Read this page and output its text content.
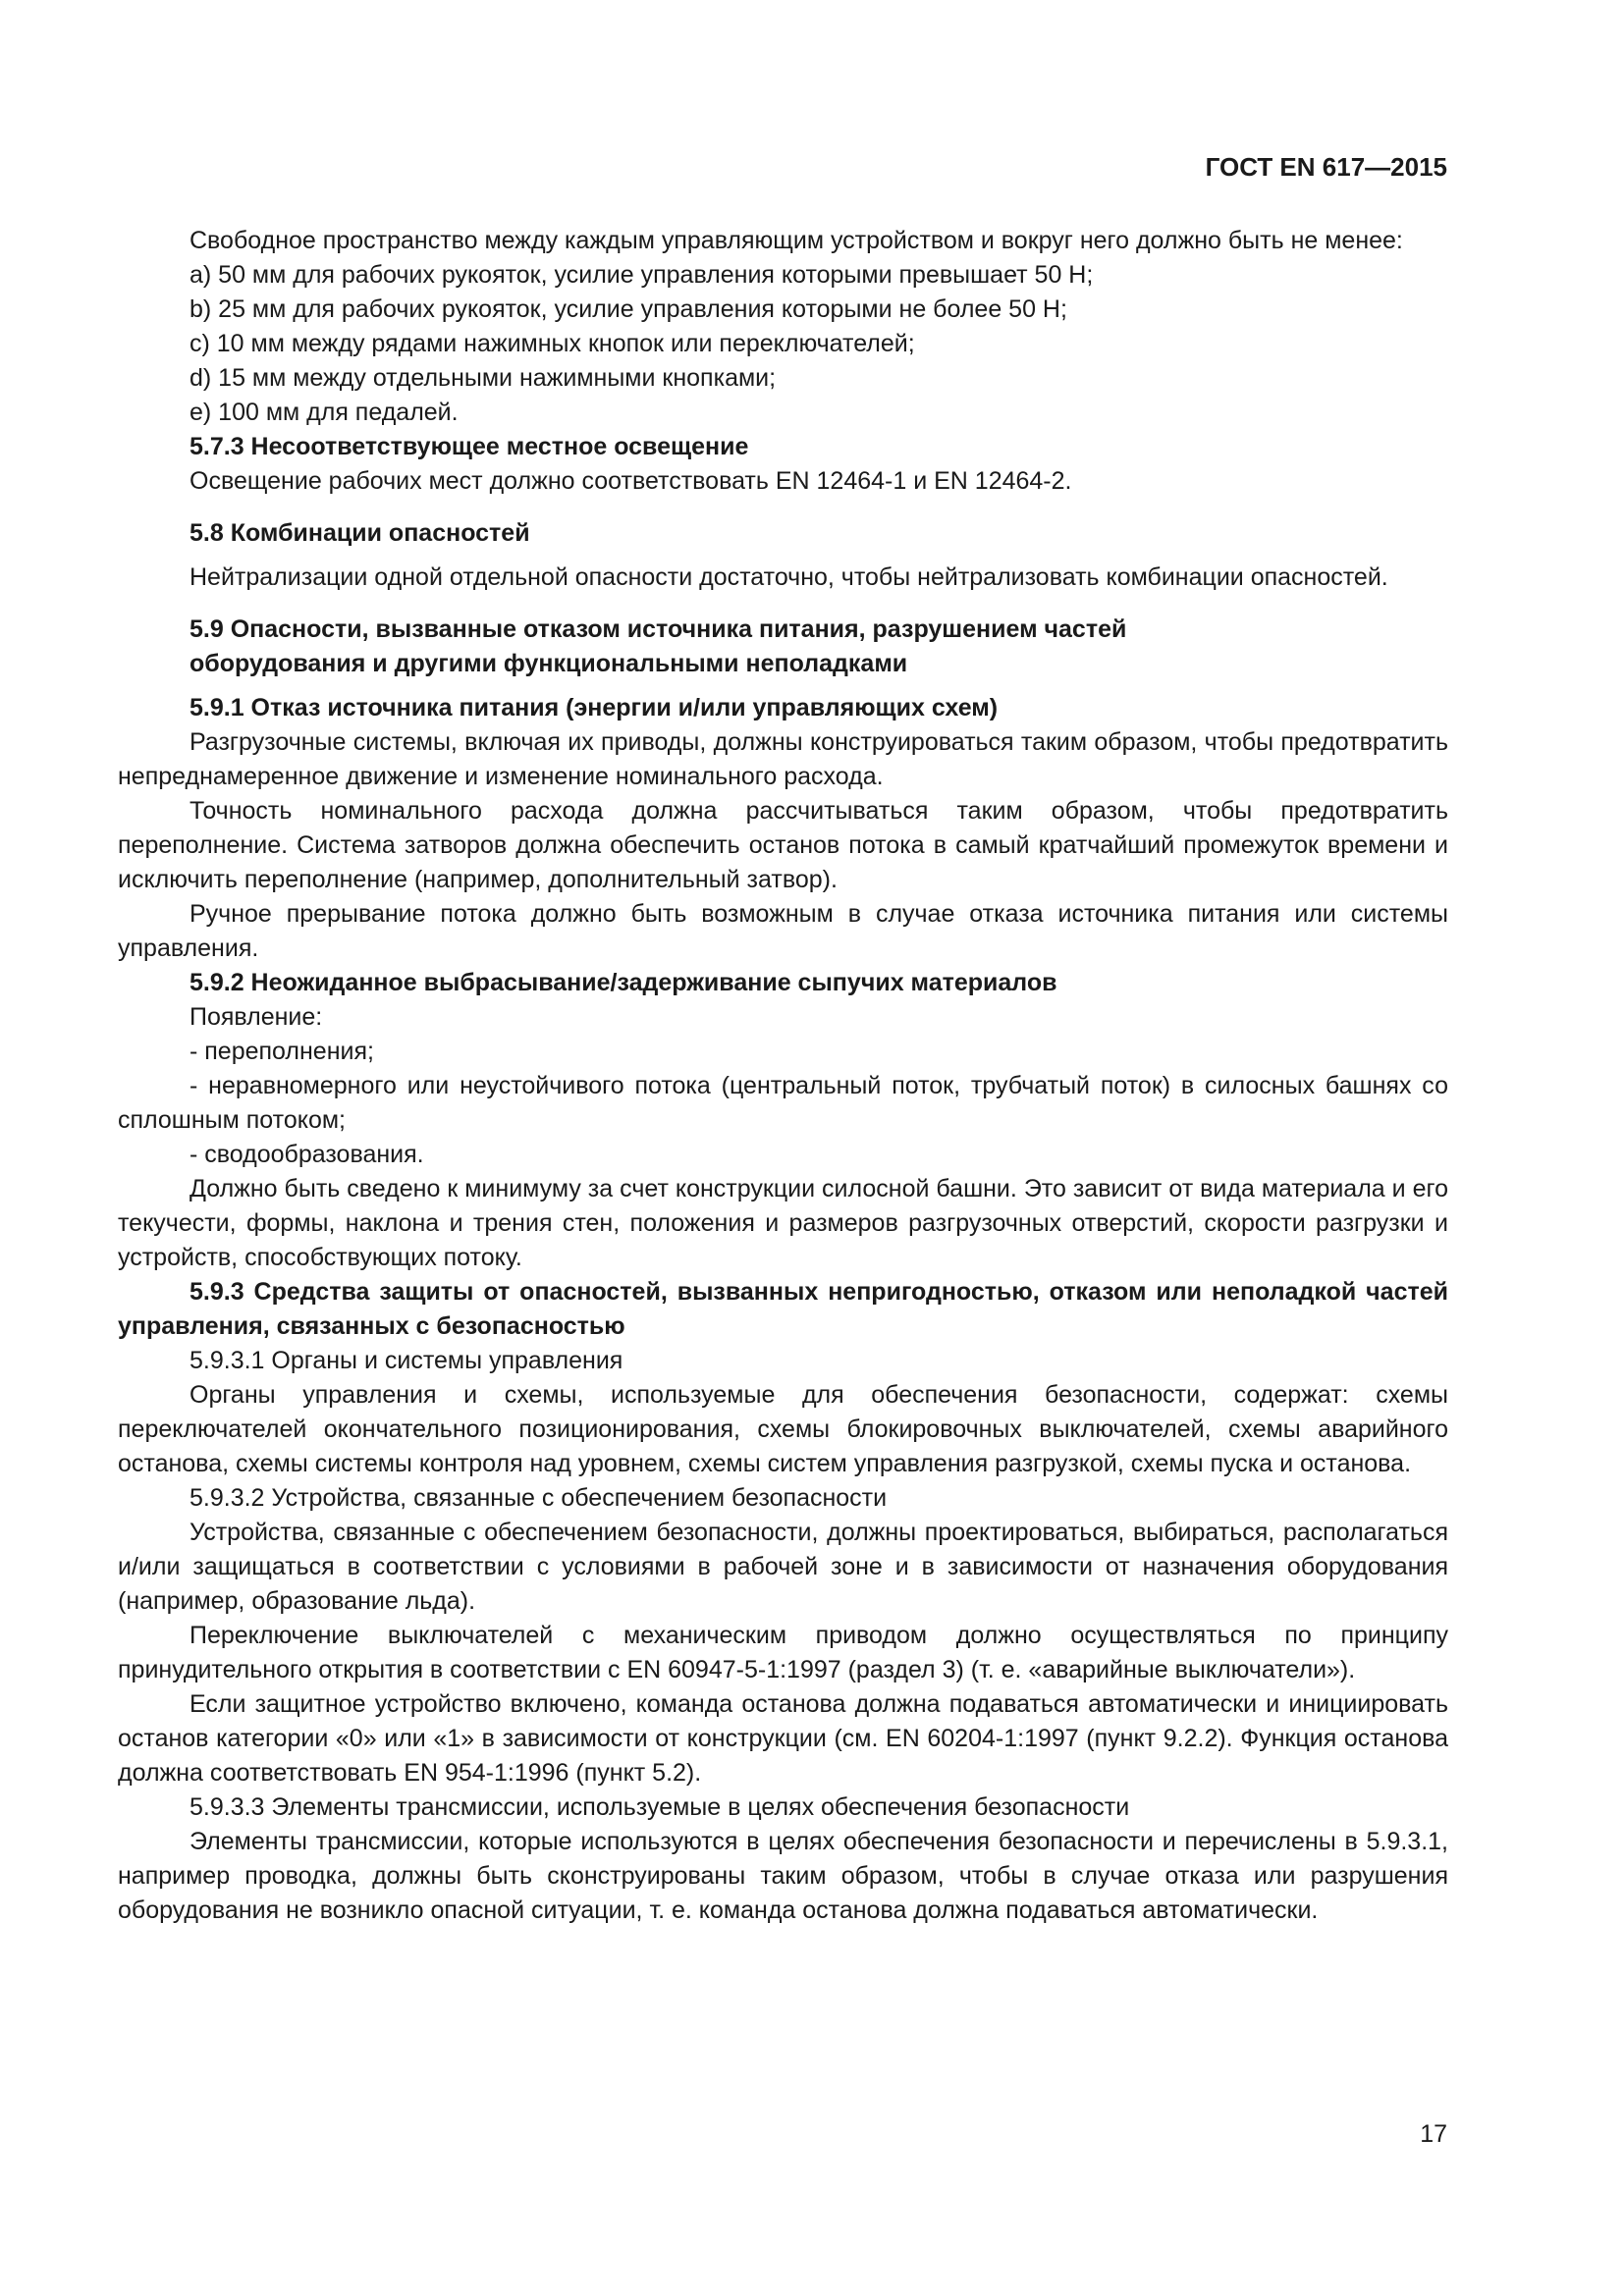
ГОСТ EN 617—2015

Свободное пространство между каждым управляющим устройством и вокруг него должно быть не менее:

a) 50 мм для рабочих рукояток, усилие управления которыми превышает 50 Н;

b) 25 мм для рабочих рукояток, усилие управления которыми не более 50 Н;

c) 10 мм между рядами нажимных кнопок или переключателей;

d) 15 мм между отдельными нажимными кнопками;

e) 100 мм для педалей.

5.7.3 Несоответствующее местное освещение

Освещение рабочих мест должно соответствовать EN 12464-1 и EN 12464-2.

5.8 Комбинации опасностей

Нейтрализации одной отдельной опасности достаточно, чтобы нейтрализовать комбинации опасностей.

5.9 Опасности, вызванные отказом источника питания, разрушением частей

оборудования и другими функциональными неполадками

5.9.1 Отказ источника питания (энергии и/или управляющих схем)

Разгрузочные системы, включая их приводы, должны конструироваться таким образом, чтобы предотвратить непреднамеренное движение и изменение номинального расхода.

Точность номинального расхода должна рассчитываться таким образом, чтобы предотвратить переполнение. Система затворов должна обеспечить останов потока в самый кратчайший промежуток времени и исключить переполнение (например, дополнительный затвор).

Ручное прерывание потока должно быть возможным в случае отказа источника питания или системы управления.

5.9.2 Неожиданное выбрасывание/задерживание сыпучих материалов

Появление:

- переполнения;

- неравномерного или неустойчивого потока (центральный поток, трубчатый поток) в силосных башнях со сплошным потоком;

- сводообразования.

Должно быть сведено к минимуму за счет конструкции силосной башни. Это зависит от вида материала и его текучести, формы, наклона и трения стен, положения и размеров разгрузочных отверстий, скорости разгрузки и устройств, способствующих потоку.

5.9.3 Средства защиты от опасностей, вызванных непригодностью, отказом или неполадкой частей управления, связанных с безопасностью

5.9.3.1 Органы и системы управления

Органы управления и схемы, используемые для обеспечения безопасности, содержат: схемы переключателей окончательного позиционирования, схемы блокировочных выключателей, схемы аварийного останова, схемы системы контроля над уровнем, схемы систем управления разгрузкой, схемы пуска и останова.

5.9.3.2 Устройства, связанные с обеспечением безопасности

Устройства, связанные с обеспечением безопасности, должны проектироваться, выбираться, располагаться и/или защищаться в соответствии с условиями в рабочей зоне и в зависимости от назначения оборудования (например, образование льда).

Переключение выключателей с механическим приводом должно осуществляться по принципу принудительного открытия в соответствии с EN 60947-5-1:1997 (раздел 3) (т. е. «аварийные выключатели»).

Если защитное устройство включено, команда останова должна подаваться автоматически и инициировать останов категории «0» или «1» в зависимости от конструкции (см. EN 60204-1:1997 (пункт 9.2.2). Функция останова должна соответствовать EN 954-1:1996 (пункт 5.2).

5.9.3.3 Элементы трансмиссии, используемые в целях обеспечения безопасности

Элементы трансмиссии, которые используются в целях обеспечения безопасности и перечислены в 5.9.3.1, например проводка, должны быть сконструированы таким образом, чтобы в случае отказа или разрушения оборудования не возникло опасной ситуации, т. е. команда останова должна подаваться автоматически.

17
